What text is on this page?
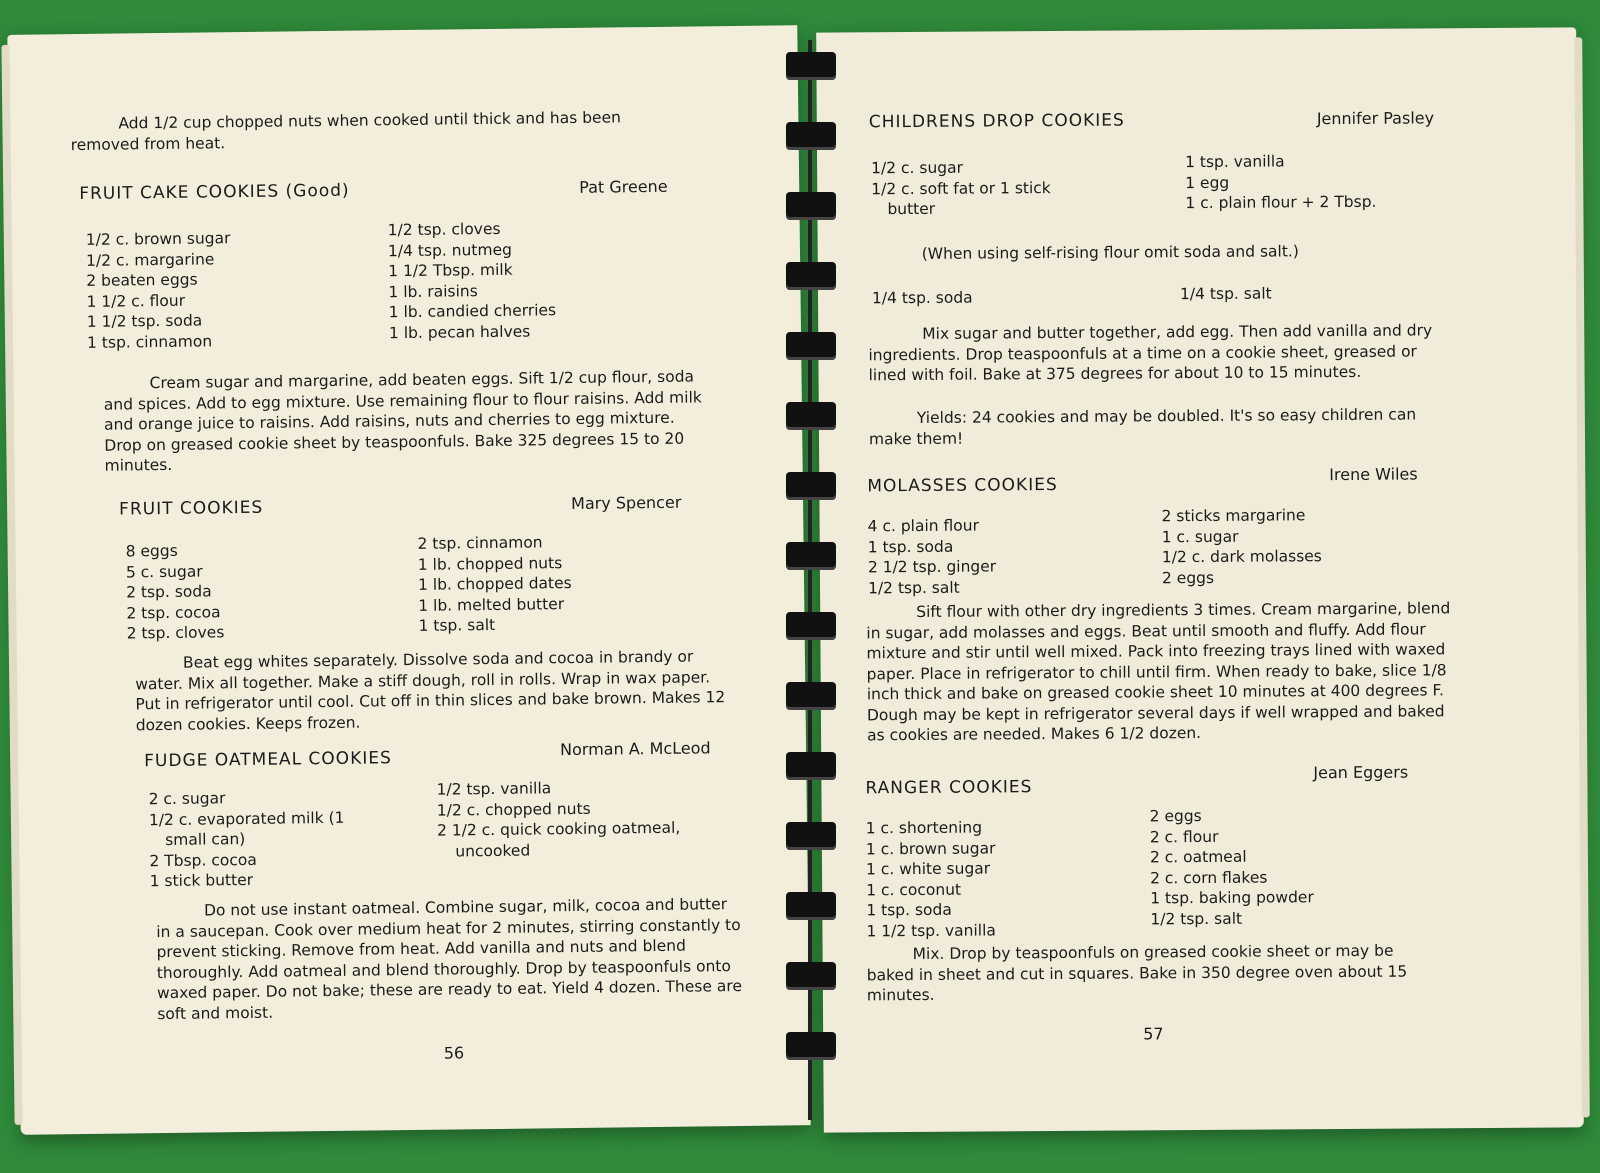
Add 1/2 cup chopped nuts when cooked until thick and has been removed from heat.
FRUIT CAKE COOKIES (Good)	Pat Greene
1/2 c. brown sugar
1/2 c. margarine
2 beaten eggs
1 1/2 c. flour
1 1/2 tsp. soda
1 tsp. cinnamon
1/2 tsp. cloves
1/4 tsp. nutmeg
1 1/2 Tbsp. milk
1 lb. raisins
1 lb. candied cherries
1 lb. pecan halves
Cream sugar and margarine, add beaten eggs. Sift 1/2 cup flour, soda and spices. Add to egg mixture. Use remaining flour to flour raisins. Add milk and orange juice to raisins. Add raisins, nuts and cherries to egg mixture. Drop on greased cookie sheet by teaspoonfuls. Bake 325 degrees 15 to 20 minutes.
FRUIT COOKIES	Mary Spencer
8 eggs
5 c. sugar
2 tsp. soda
2 tsp. cocoa
2 tsp. cloves
2 tsp. cinnamon
1 lb. chopped nuts
1 lb. chopped dates
1 lb. melted butter
1 tsp. salt
Beat egg whites separately. Dissolve soda and cocoa in brandy or water. Mix all together. Make a stiff dough, roll in rolls. Wrap in wax paper. Put in refrigerator until cool. Cut off in thin slices and bake brown. Makes 12 dozen cookies. Keeps frozen.
FUDGE OATMEAL COOKIES	Norman A. McLeod
2 c. sugar
1/2 c. evaporated milk (1
small can)
2 Tbsp. cocoa
1 stick butter
1/2 tsp. vanilla
1/2 c. chopped nuts
2 1/2 c. quick cooking oatmeal,
uncooked
Do not use instant oatmeal. Combine sugar, milk, cocoa and butter in a saucepan. Cook over medium heat for 2 minutes, stirring constantly to prevent sticking. Remove from heat. Add vanilla and nuts and blend thoroughly. Add oatmeal and blend thoroughly. Drop by teaspoonfuls onto waxed paper. Do not bake; these are ready to eat. Yield 4 dozen. These are soft and moist.
56
CHILDRENS DROP COOKIES	Jennifer Pasley
1/2 c. sugar
1/2 c. soft fat or 1 stick
butter
1 tsp. vanilla
1 egg
1 c. plain flour + 2 Tbsp.
(When using self-rising flour omit soda and salt.)
1/4 tsp. soda	1/4 tsp. salt
Mix sugar and butter together, add egg. Then add vanilla and dry ingredients. Drop teaspoonfuls at a time on a cookie sheet, greased or lined with foil. Bake at 375 degrees for about 10 to 15 minutes.
Yields: 24 cookies and may be doubled. It's so easy children can make them!
MOLASSES COOKIES
Irene Wiles
4 c. plain flour
1 tsp. soda
2 1/2 tsp. ginger
1/2 tsp. salt
2 sticks margarine
1 c. sugar
1/2 c. dark molasses
2 eggs
Sift flour with other dry ingredients 3 times. Cream margarine, blend in sugar, add molasses and eggs. Beat until smooth and fluffy. Add flour mixture and stir until well mixed. Pack into freezing trays lined with waxed paper. Place in refrigerator to chill until firm. When ready to bake, slice 1/8 inch thick and bake on greased cookie sheet 10 minutes at 400 degrees F. Dough may be kept in refrigerator several days if well wrapped and baked as cookies are needed. Makes 6 1/2 dozen.
RANGER COOKIES
Jean Eggers
1 c. shortening
1 c. brown sugar
1 c. white sugar
1 c. coconut
1 tsp. soda
1 1/2 tsp. vanilla
2 eggs
2 c. flour
2 c. oatmeal
2 c. corn flakes
1 tsp. baking powder
1/2 tsp. salt
Mix. Drop by teaspoonfuls on greased cookie sheet or may be baked in sheet and cut in squares. Bake in 350 degree oven about 15 minutes.
57
